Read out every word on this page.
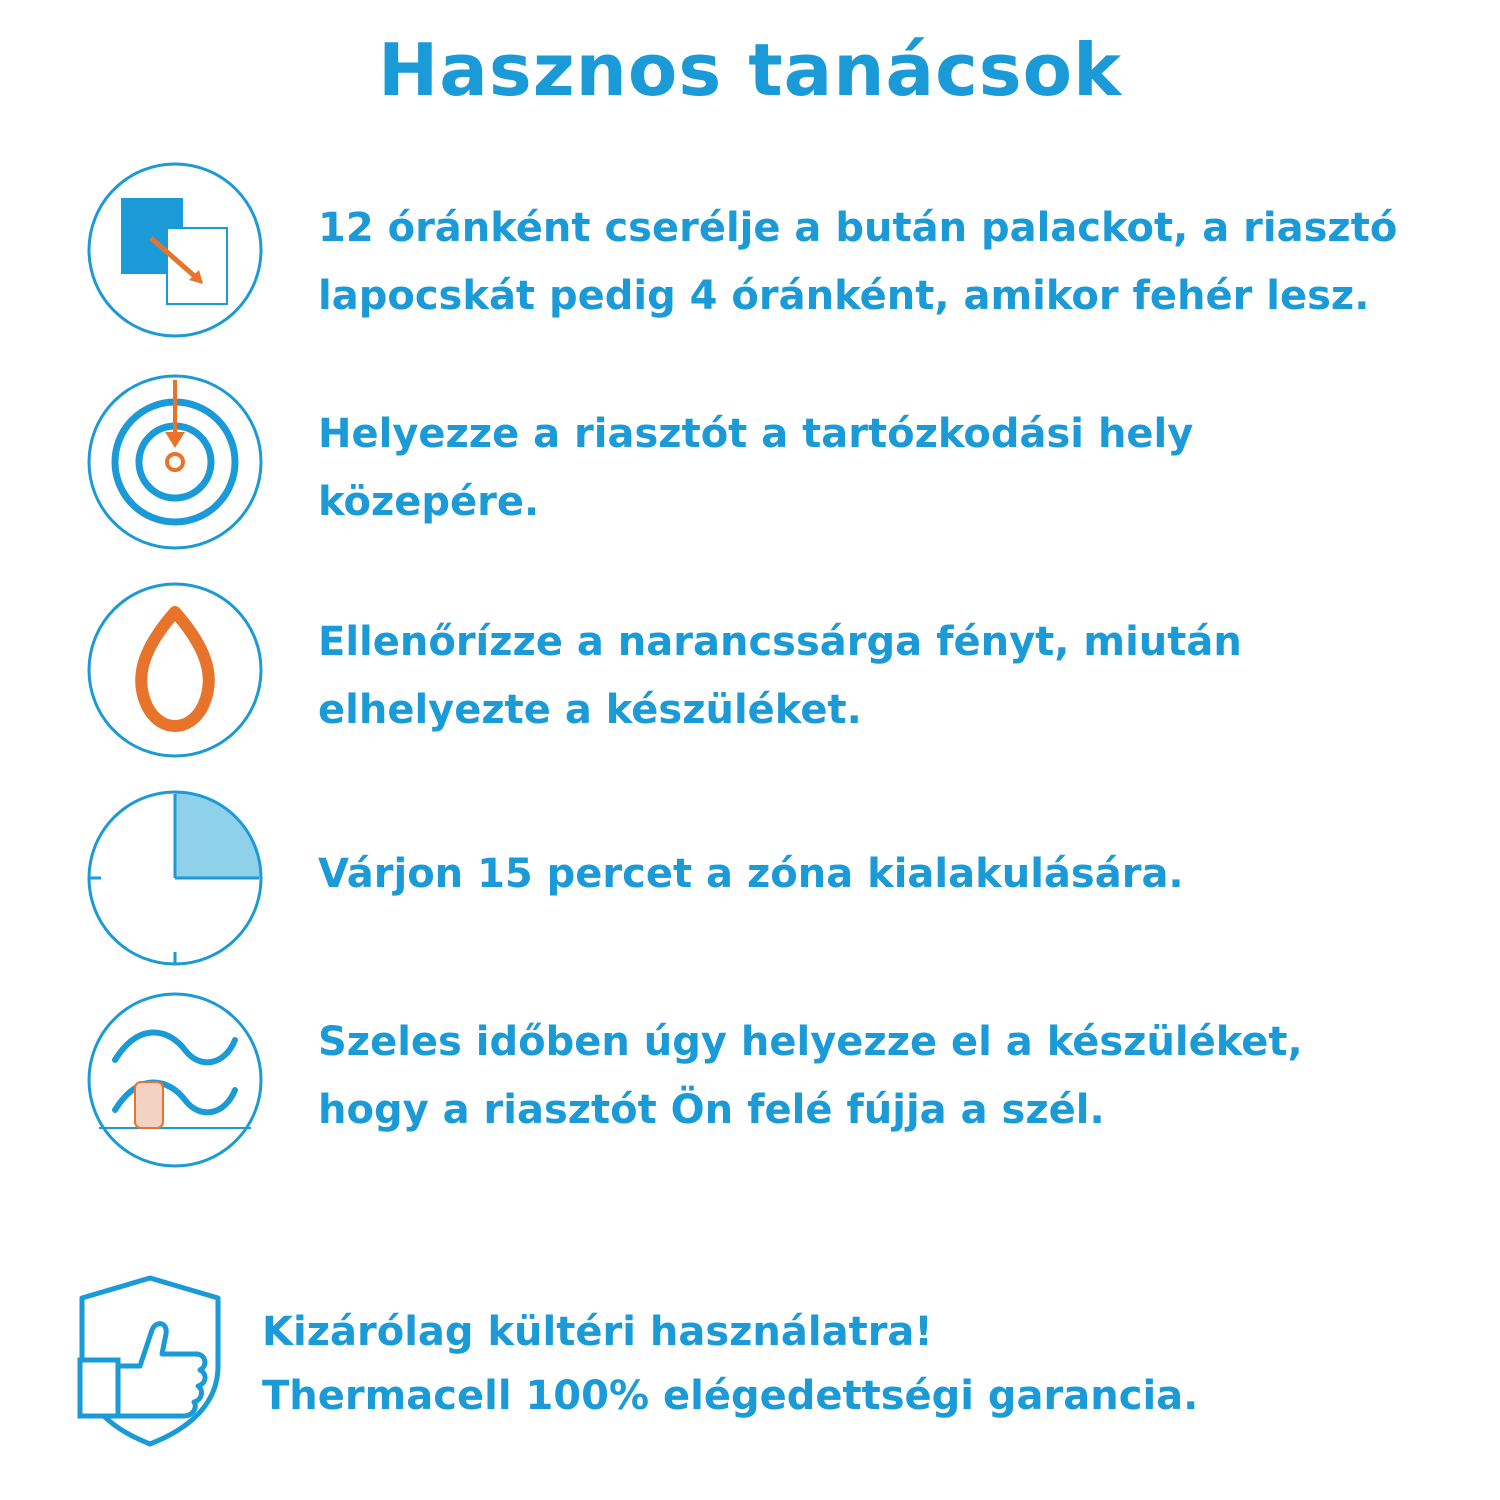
Hasznos tanácsok
12 óránként cserélje a bután palackot, a riasztó
lapocskát pedig 4 óránként, amikor fehér lesz.
Helyezze a riasztót a tartózkodási hely
közepére.
Ellenőrízze a narancssárga fényt, miután
elhelyezte a készüléket.
Várjon 15 percet a zóna kialakulására.
Szeles időben úgy helyezze el a készüléket,
hogy a riasztót Ön felé fújja a szél.
Kizárólag kültéri használatra!
Thermacell 100% elégedettségi garancia.
